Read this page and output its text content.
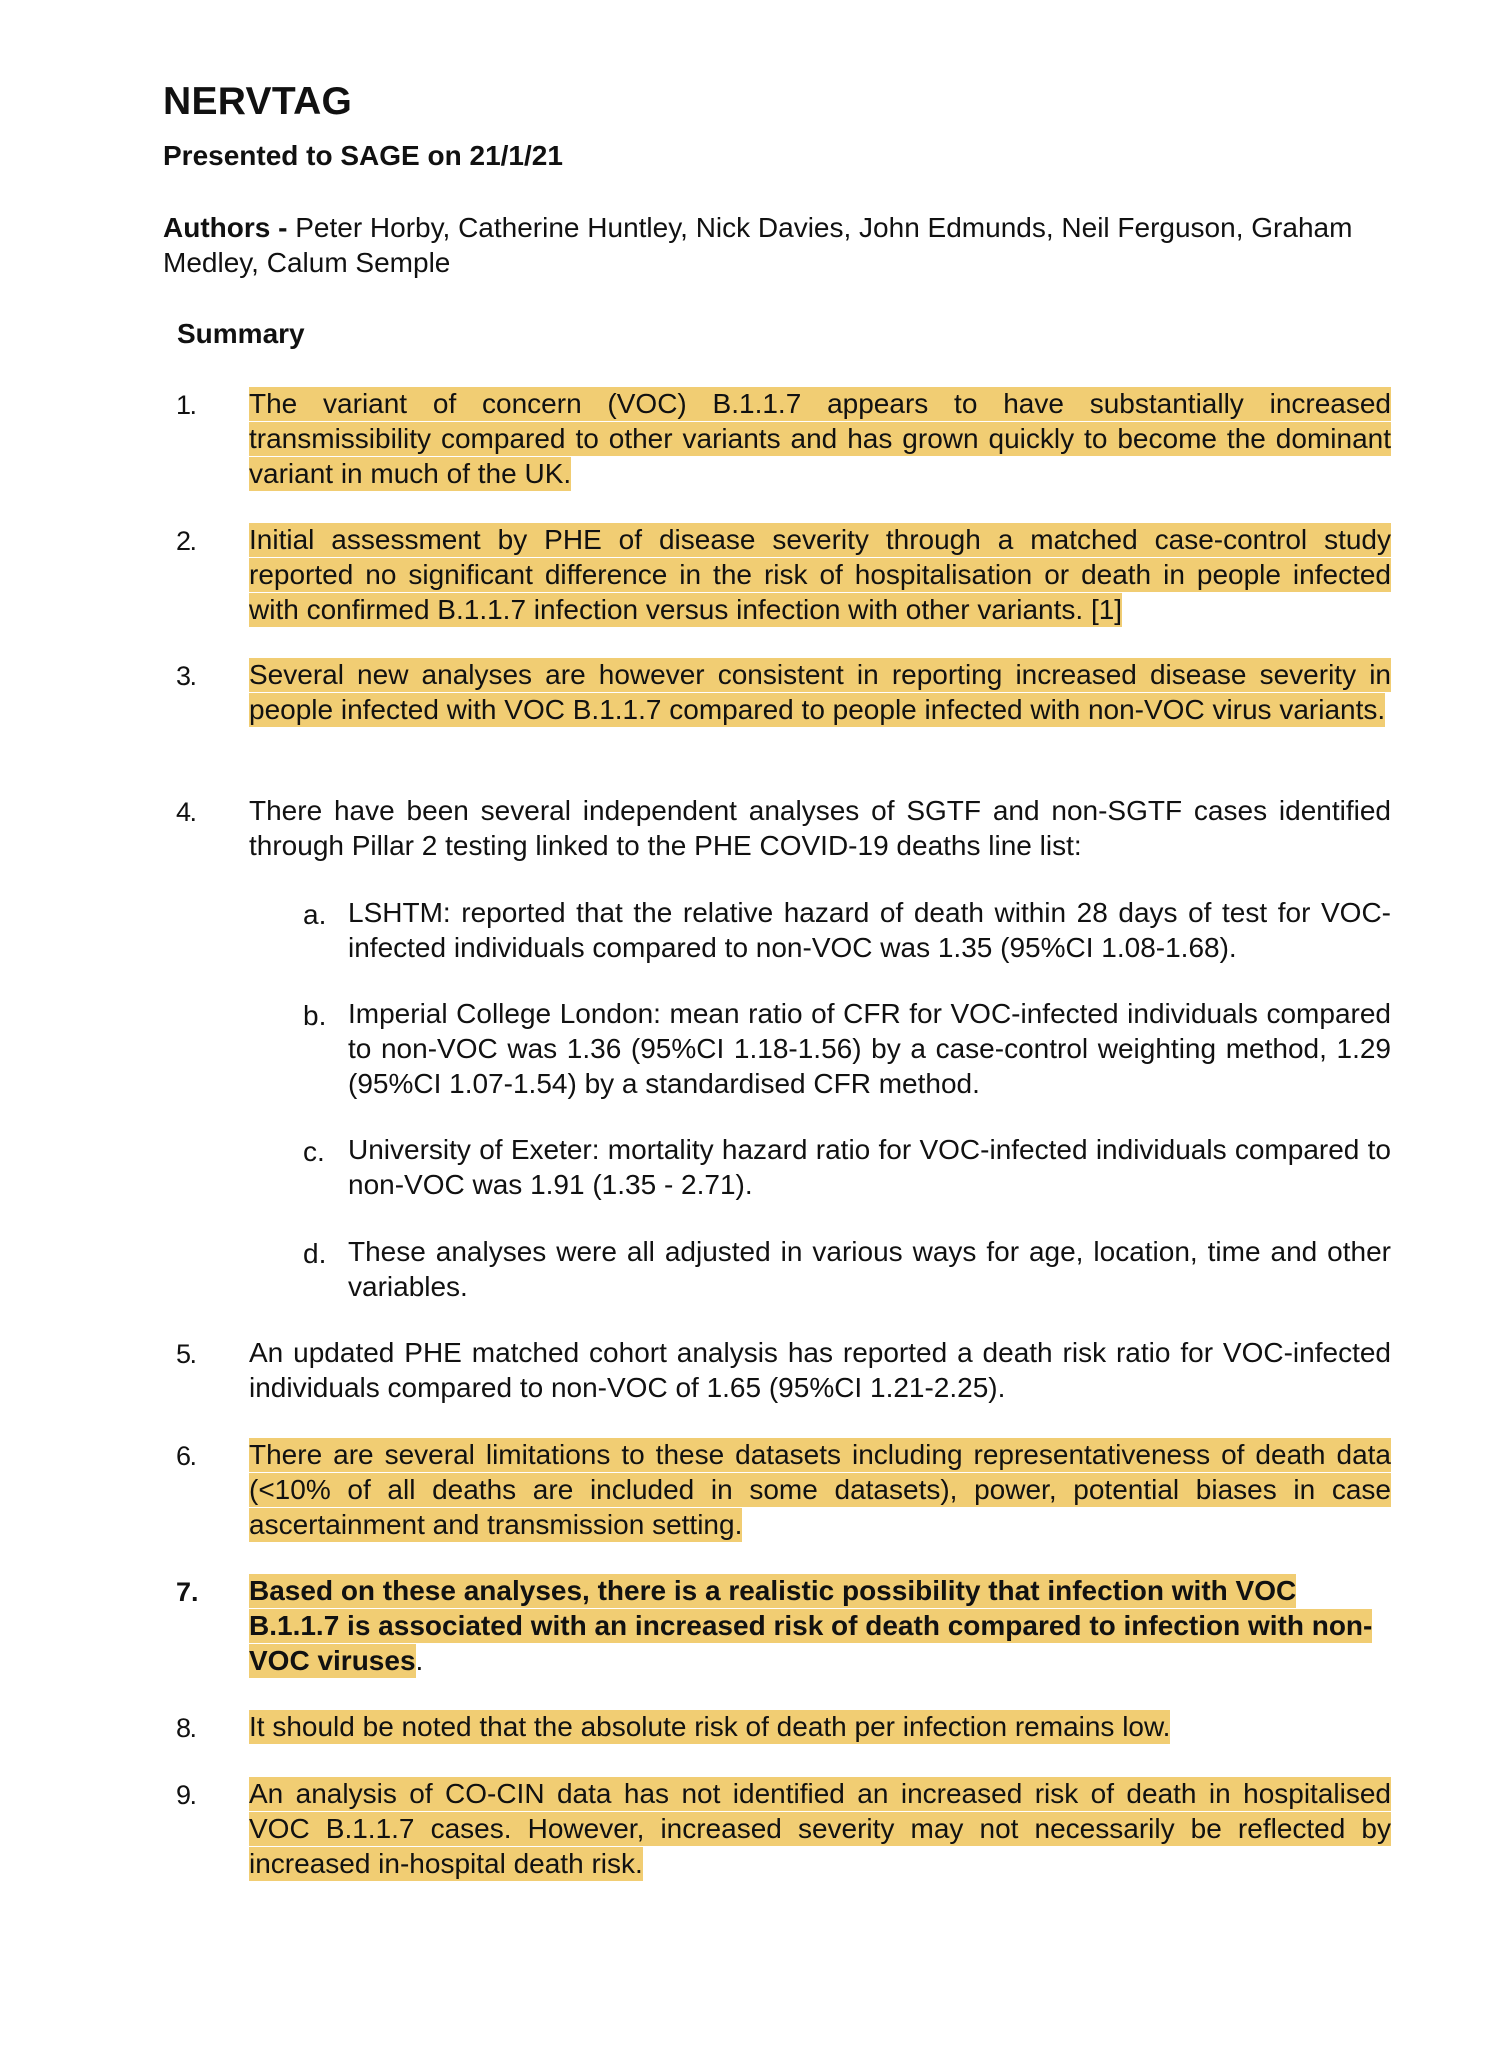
NERVTAG

Presented to SAGE on 21/1/21

Authors - Peter Horby, Catherine Huntley, Nick Davies, John Edmunds, Neil Ferguson, Graham Medley, Calum Semple

Summary
1. The variant of concern (VOC) B.1.1.7 appears to have substantially increased transmissibility compared to other variants and has grown quickly to become the dominant variant in much of the UK.
2. Initial assessment by PHE of disease severity through a matched case-control study reported no significant difference in the risk of hospitalisation or death in people infected with confirmed B.1.1.7 infection versus infection with other variants. [1]
3. Several new analyses are however consistent in reporting increased disease severity in people infected with VOC B.1.1.7 compared to people infected with non-VOC virus variants.
4. There have been several independent analyses of SGTF and non-SGTF cases identified through Pillar 2 testing linked to the PHE COVID-19 deaths line list:
a. LSHTM: reported that the relative hazard of death within 28 days of test for VOC-infected individuals compared to non-VOC was 1.35 (95%CI 1.08-1.68).
b. Imperial College London: mean ratio of CFR for VOC-infected individuals compared to non-VOC was 1.36 (95%CI 1.18-1.56) by a case-control weighting method, 1.29 (95%CI 1.07-1.54) by a standardised CFR method.
c. University of Exeter: mortality hazard ratio for VOC-infected individuals compared to non-VOC was 1.91 (1.35 - 2.71).
d. These analyses were all adjusted in various ways for age, location, time and other variables.
5. An updated PHE matched cohort analysis has reported a death risk ratio for VOC-infected individuals compared to non-VOC of 1.65 (95%CI 1.21-2.25).
6. There are several limitations to these datasets including representativeness of death data (<10% of all deaths are included in some datasets), power, potential biases in case ascertainment and transmission setting.
7. Based on these analyses, there is a realistic possibility that infection with VOC B.1.1.7 is associated with an increased risk of death compared to infection with non-VOC viruses.
8. It should be noted that the absolute risk of death per infection remains low.
9. An analysis of CO-CIN data has not identified an increased risk of death in hospitalised VOC B.1.1.7 cases. However, increased severity may not necessarily be reflected by increased in-hospital death risk.
